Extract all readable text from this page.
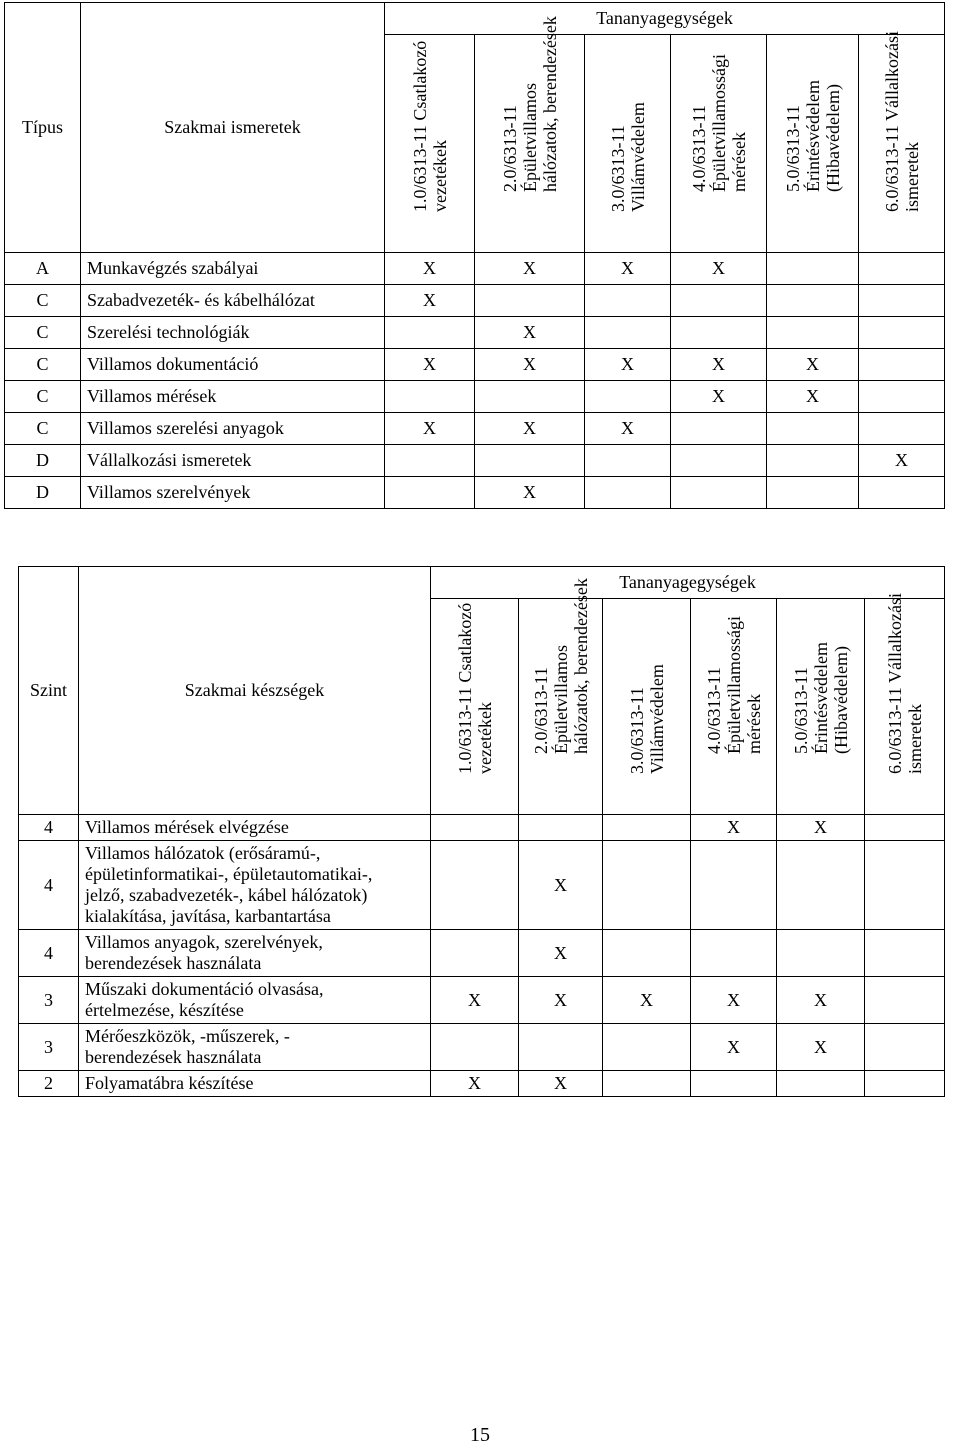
Típus	Szakmai ismeretek	Tananyagegységek					

		1.0/6313-11 Csatlakozó vezetékek	2.0/6313-11 Épületvillamos hálózatok, berendezések	3.0/6313-11 Villámvédelem	4.0/6313-11 Épületvillamossági mérések	5.0/6313-11 Érintésvédelem (Hibavédelem)	6.0/6313-11 Vállalkozási ismeretek

A	Munkavégzés szabályai	X	X	X	X		
C	Szabadvezeték- és kábelhálózat	X					
C	Szerelési technológiák		X				
C	Villamos dokumentáció	X	X	X	X	X	
C	Villamos mérések				X	X	
C	Villamos szerelési anyagok	X	X	X			
D	Vállalkozási ismeretek						X
D	Villamos szerelvények		X				
Szint	Szakmai készségek	Tananyagegységek					

		1.0/6313-11 Csatlakozó vezetékek	2.0/6313-11 Épületvillamos hálózatok, berendezések	3.0/6313-11 Villámvédelem	4.0/6313-11 Épületvillamossági mérések	5.0/6313-11 Érintésvédelem (Hibavédelem)	6.0/6313-11 Vállalkozási ismeretek

4	Villamos mérések elvégzése				X	X	
4	Villamos hálózatok (erősáramú-,
épületinformatikai-, épületautomatikai-,
jelző, szabadvezeték-, kábel hálózatok)
kialakítása, javítása, karbantartása		X				
4	Villamos anyagok, szerelvények,
berendezések használata		X				
3	Műszaki dokumentáció olvasása,
értelmezése, készítése	X	X	X	X	X	
3	Mérőeszközök, -műszerek, -
berendezések használata				X	X	
2	Folyamatábra készítése	X	X				
15
